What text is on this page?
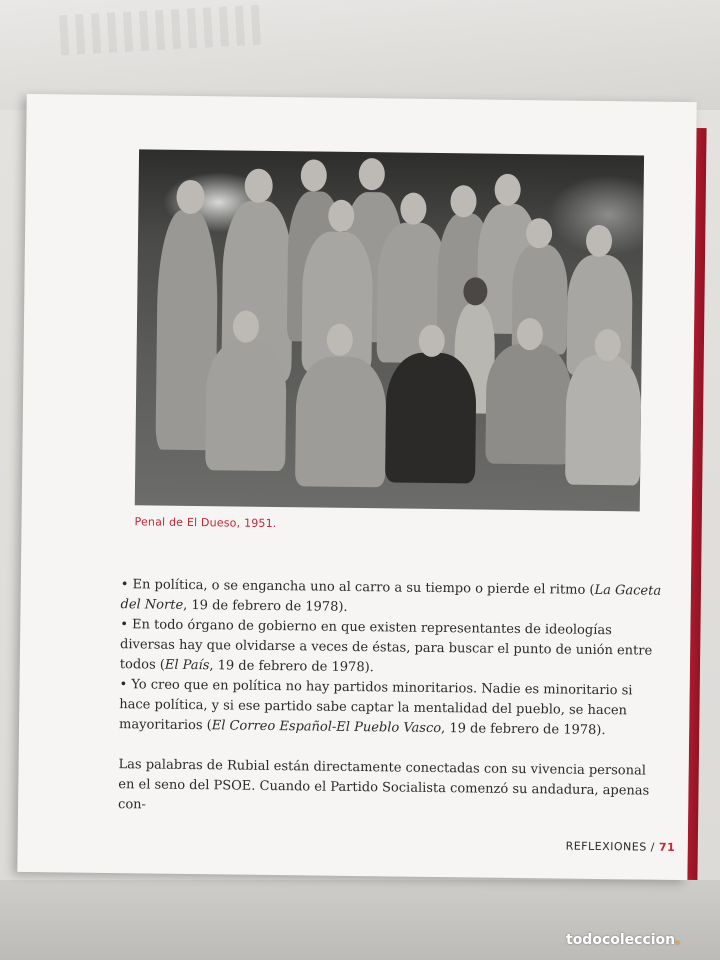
Penal de El Dueso, 1951.

• En política, o se engancha uno al carro a su tiempo o pierde el ritmo (La Gaceta del Norte, 19 de febrero de 1978).

• En todo órgano de gobierno en que existen representantes de ideologías diversas hay que olvidarse a veces de éstas, para buscar el punto de unión entre todos (El País, 19 de febrero de 1978).

• Yo creo que en política no hay partidos minoritarios. Nadie es minoritario si hace política, y si ese partido sabe captar la mentalidad del pueblo, se hacen mayoritarios (El Correo Español-El Pueblo Vasco, 19 de febrero de 1978).

Las palabras de Rubial están directamente conectadas con su vivencia personal en el seno del PSOE. Cuando el Partido Socialista comenzó su andadura, apenas con-
REFLEXIONES / 71
todocoleccion.
